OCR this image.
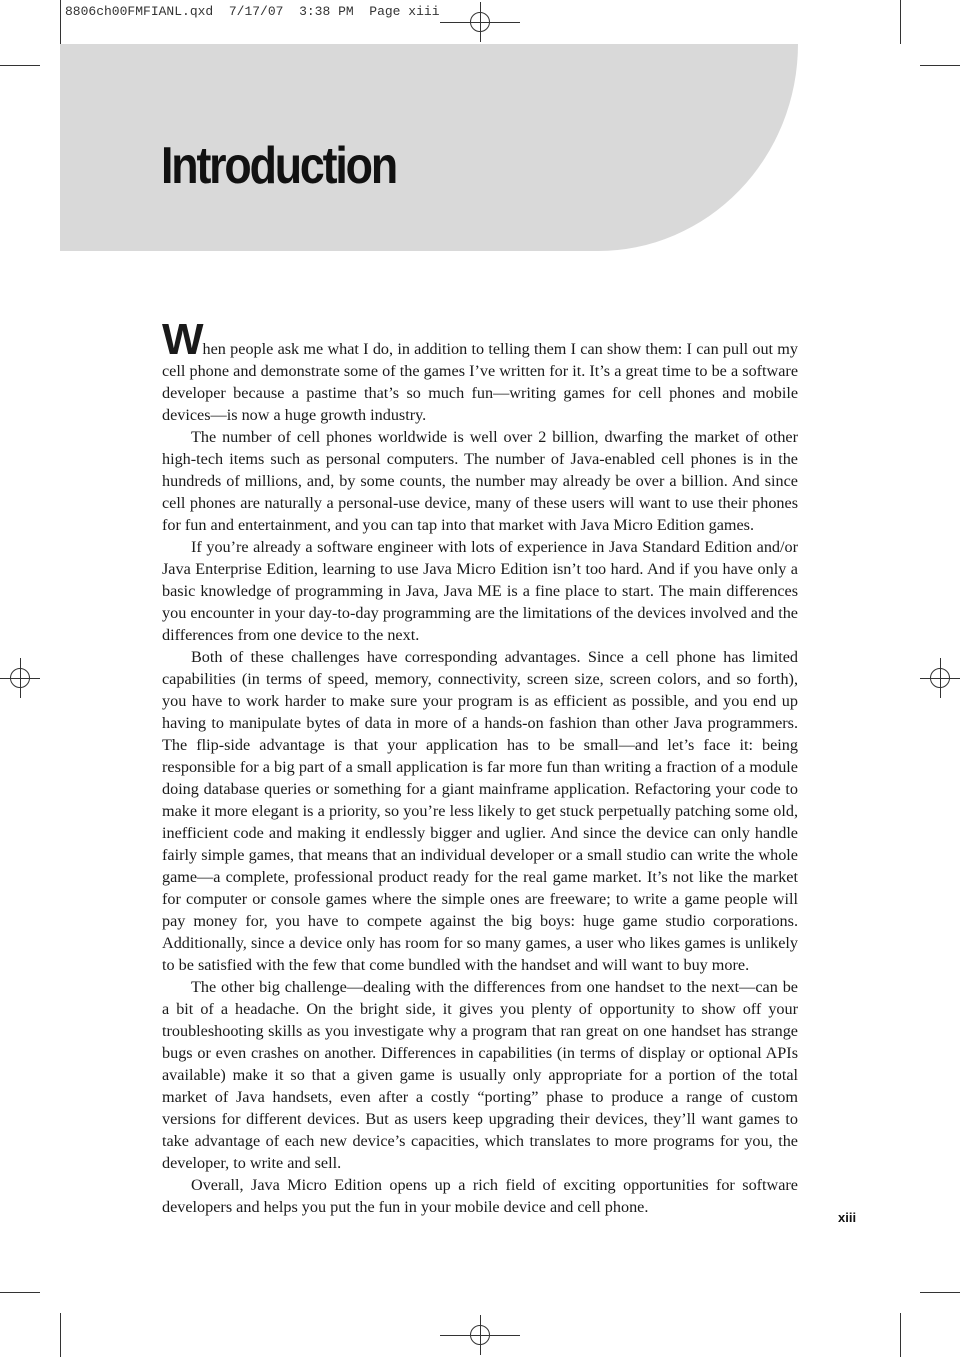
8806ch00FMFIANL.qxd 7/17/07 3:38 PM Page xiii
Introduction

When people ask me what I do, in addition to telling them I can show them: I can pull out my cell phone and demonstrate some of the games I’ve written for it. It’s a great time to be a software developer because a pastime that’s so much fun—writing games for cell phones and mobile devices—is now a huge growth industry.

The number of cell phones worldwide is well over 2 billion, dwarfing the market of other high-tech items such as personal computers. The number of Java-enabled cell phones is in the hundreds of millions, and, by some counts, the number may already be over a billion. And since cell phones are naturally a personal-use device, many of these users will want to use their phones for fun and entertainment, and you can tap into that market with Java Micro Edition games.

If you’re already a software engineer with lots of experience in Java Standard Edition and/or Java Enterprise Edition, learning to use Java Micro Edition isn’t too hard. And if you have only a basic knowledge of programming in Java, Java ME is a fine place to start. The main differences you encounter in your day-to-day programming are the limitations of the devices involved and the differences from one device to the next.

Both of these challenges have corresponding advantages. Since a cell phone has limited capabilities (in terms of speed, memory, connectivity, screen size, screen colors, and so forth), you have to work harder to make sure your program is as efficient as possible, and you end up having to manipulate bytes of data in more of a hands-on fashion than other Java programmers. The flip-side advantage is that your application has to be small—and let’s face it: being responsible for a big part of a small application is far more fun than writing a fraction of a module doing database queries or something for a giant mainframe application. Refactoring your code to make it more elegant is a priority, so you’re less likely to get stuck perpetually patching some old, inefficient code and making it endlessly bigger and uglier. And since the device can only handle fairly simple games, that means that an individual developer or a small studio can write the whole game—a complete, professional product ready for the real game market. It’s not like the market for computer or console games where the simple ones are freeware; to write a game people will pay money for, you have to compete against the big boys: huge game studio corporations. Additionally, since a device only has room for so many games, a user who likes games is unlikely to be satisfied with the few that come bundled with the handset and will want to buy more.

The other big challenge—dealing with the differences from one handset to the next—can be a bit of a headache. On the bright side, it gives you plenty of opportunity to show off your troubleshooting skills as you investigate why a program that ran great on one handset has strange bugs or even crashes on another. Differences in capabilities (in terms of display or optional APIs available) make it so that a given game is usually only appropriate for a portion of the total market of Java handsets, even after a costly “porting” phase to produce a range of custom versions for different devices. But as users keep upgrading their devices, they’ll want games to take advantage of each new device’s capacities, which translates to more programs for you, the developer, to write and sell.

Overall, Java Micro Edition opens up a rich field of exciting opportunities for software developers and helps you put the fun in your mobile device and cell phone.

xiii
